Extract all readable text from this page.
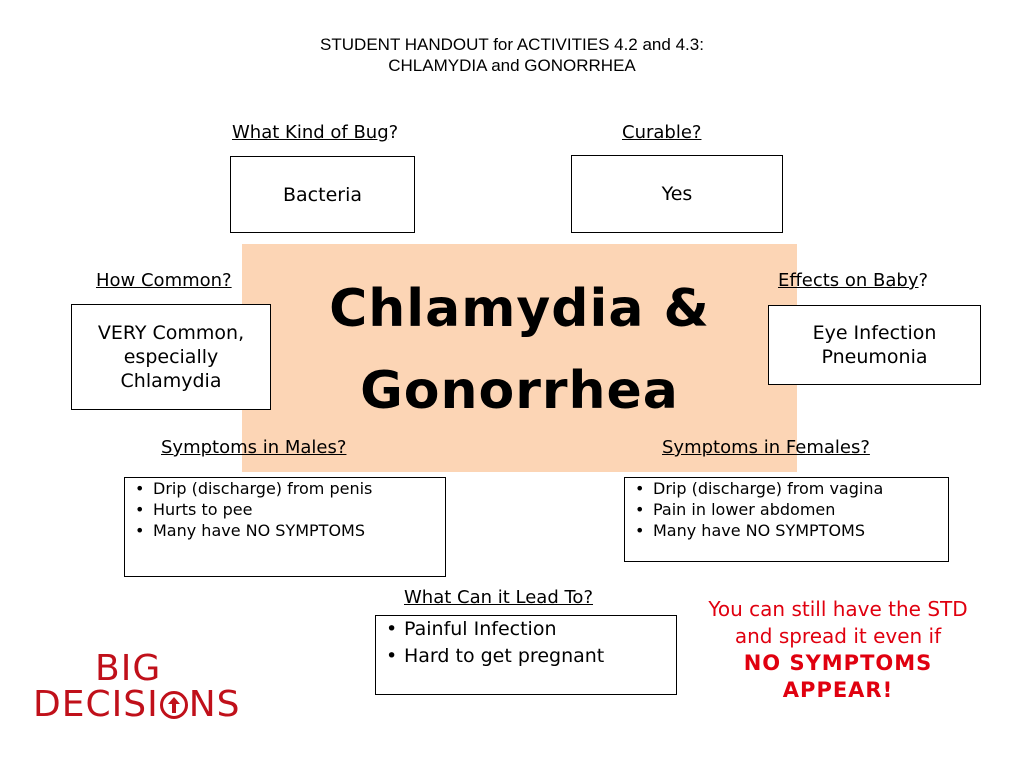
STUDENT HANDOUT for ACTIVITIES 4.2 and 4.3:
CHLAMYDIA and GONORRHEA
Chlamydia &
Gonorrhea
What Kind of Bug?
Bacteria
Curable?
Yes
How Common?
VERY Common,
especially
Chlamydia
Effects on Baby?
Eye Infection
Pneumonia
Symptoms in Males?
• Drip (discharge) from penis
• Hurts to pee
• Many have NO SYMPTOMS
Symptoms in Females?
• Drip (discharge) from vagina
• Pain in lower abdomen
• Many have NO SYMPTOMS
What Can it Lead To?
• Painful Infection
• Hard to get pregnant
You can still have the STD
and spread it even if
NO SYMPTOMS
APPEAR!
BIG
DECISI NS
